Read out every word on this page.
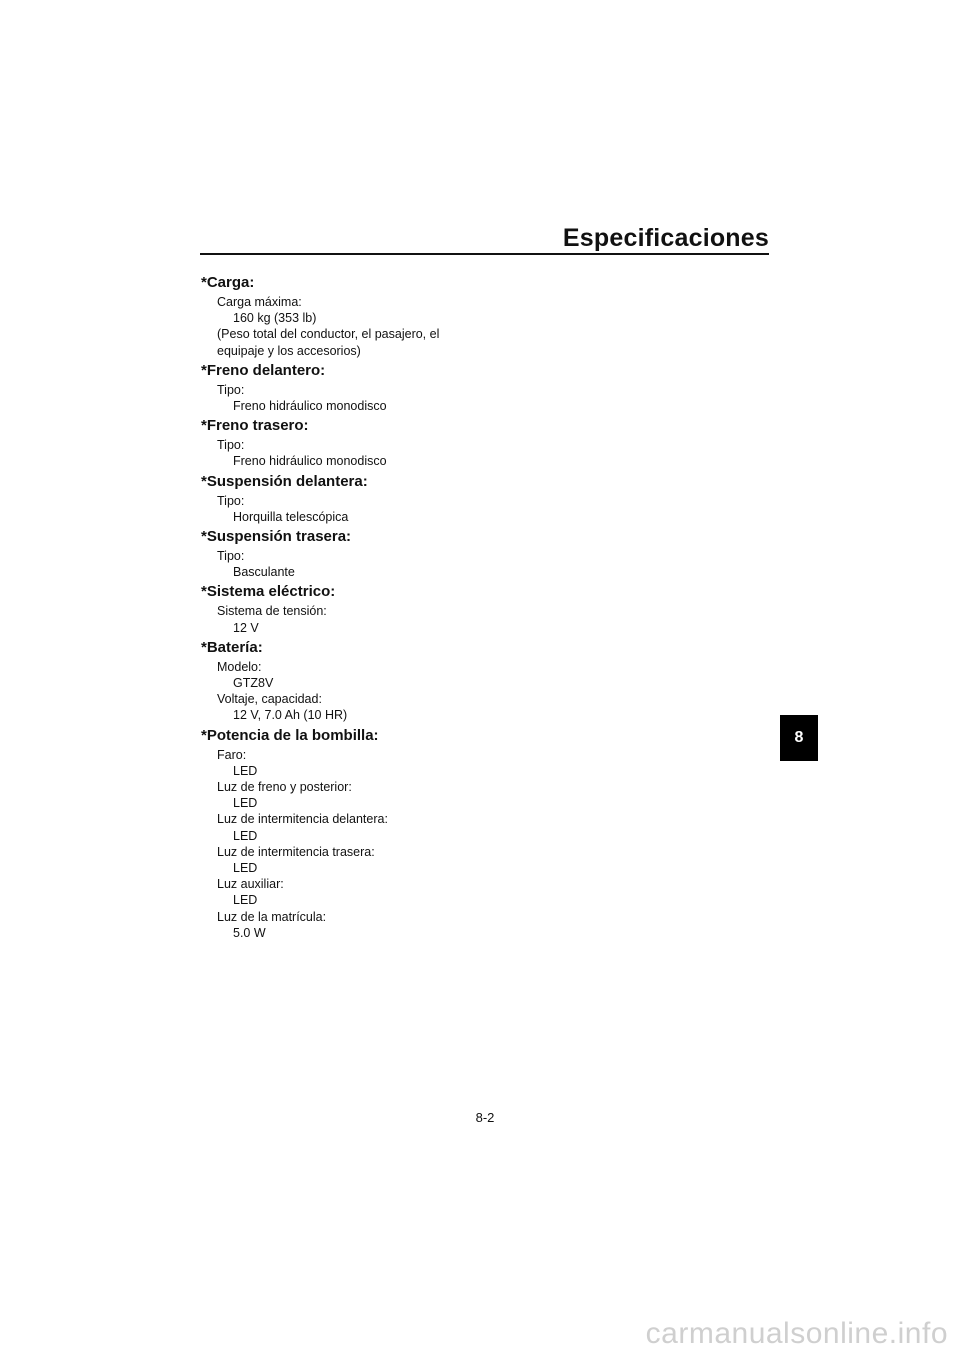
Especificaciones
*Carga:
Carga máxima:
160 kg (353 lb)
(Peso total del conductor, el pasajero, el
equipaje y los accesorios)
*Freno delantero:
Tipo:
Freno hidráulico monodisco
*Freno trasero:
Tipo:
Freno hidráulico monodisco
*Suspensión delantera:
Tipo:
Horquilla telescópica
*Suspensión trasera:
Tipo:
Basculante
*Sistema eléctrico:
Sistema de tensión:
12 V
*Batería:
Modelo:
GTZ8V
Voltaje, capacidad:
12 V, 7.0 Ah (10 HR)
*Potencia de la bombilla:
Faro:
LED
Luz de freno y posterior:
LED
Luz de intermitencia delantera:
LED
Luz de intermitencia trasera:
LED
Luz auxiliar:
LED
Luz de la matrícula:
5.0 W
8
8-2
carmanualsonline.info
